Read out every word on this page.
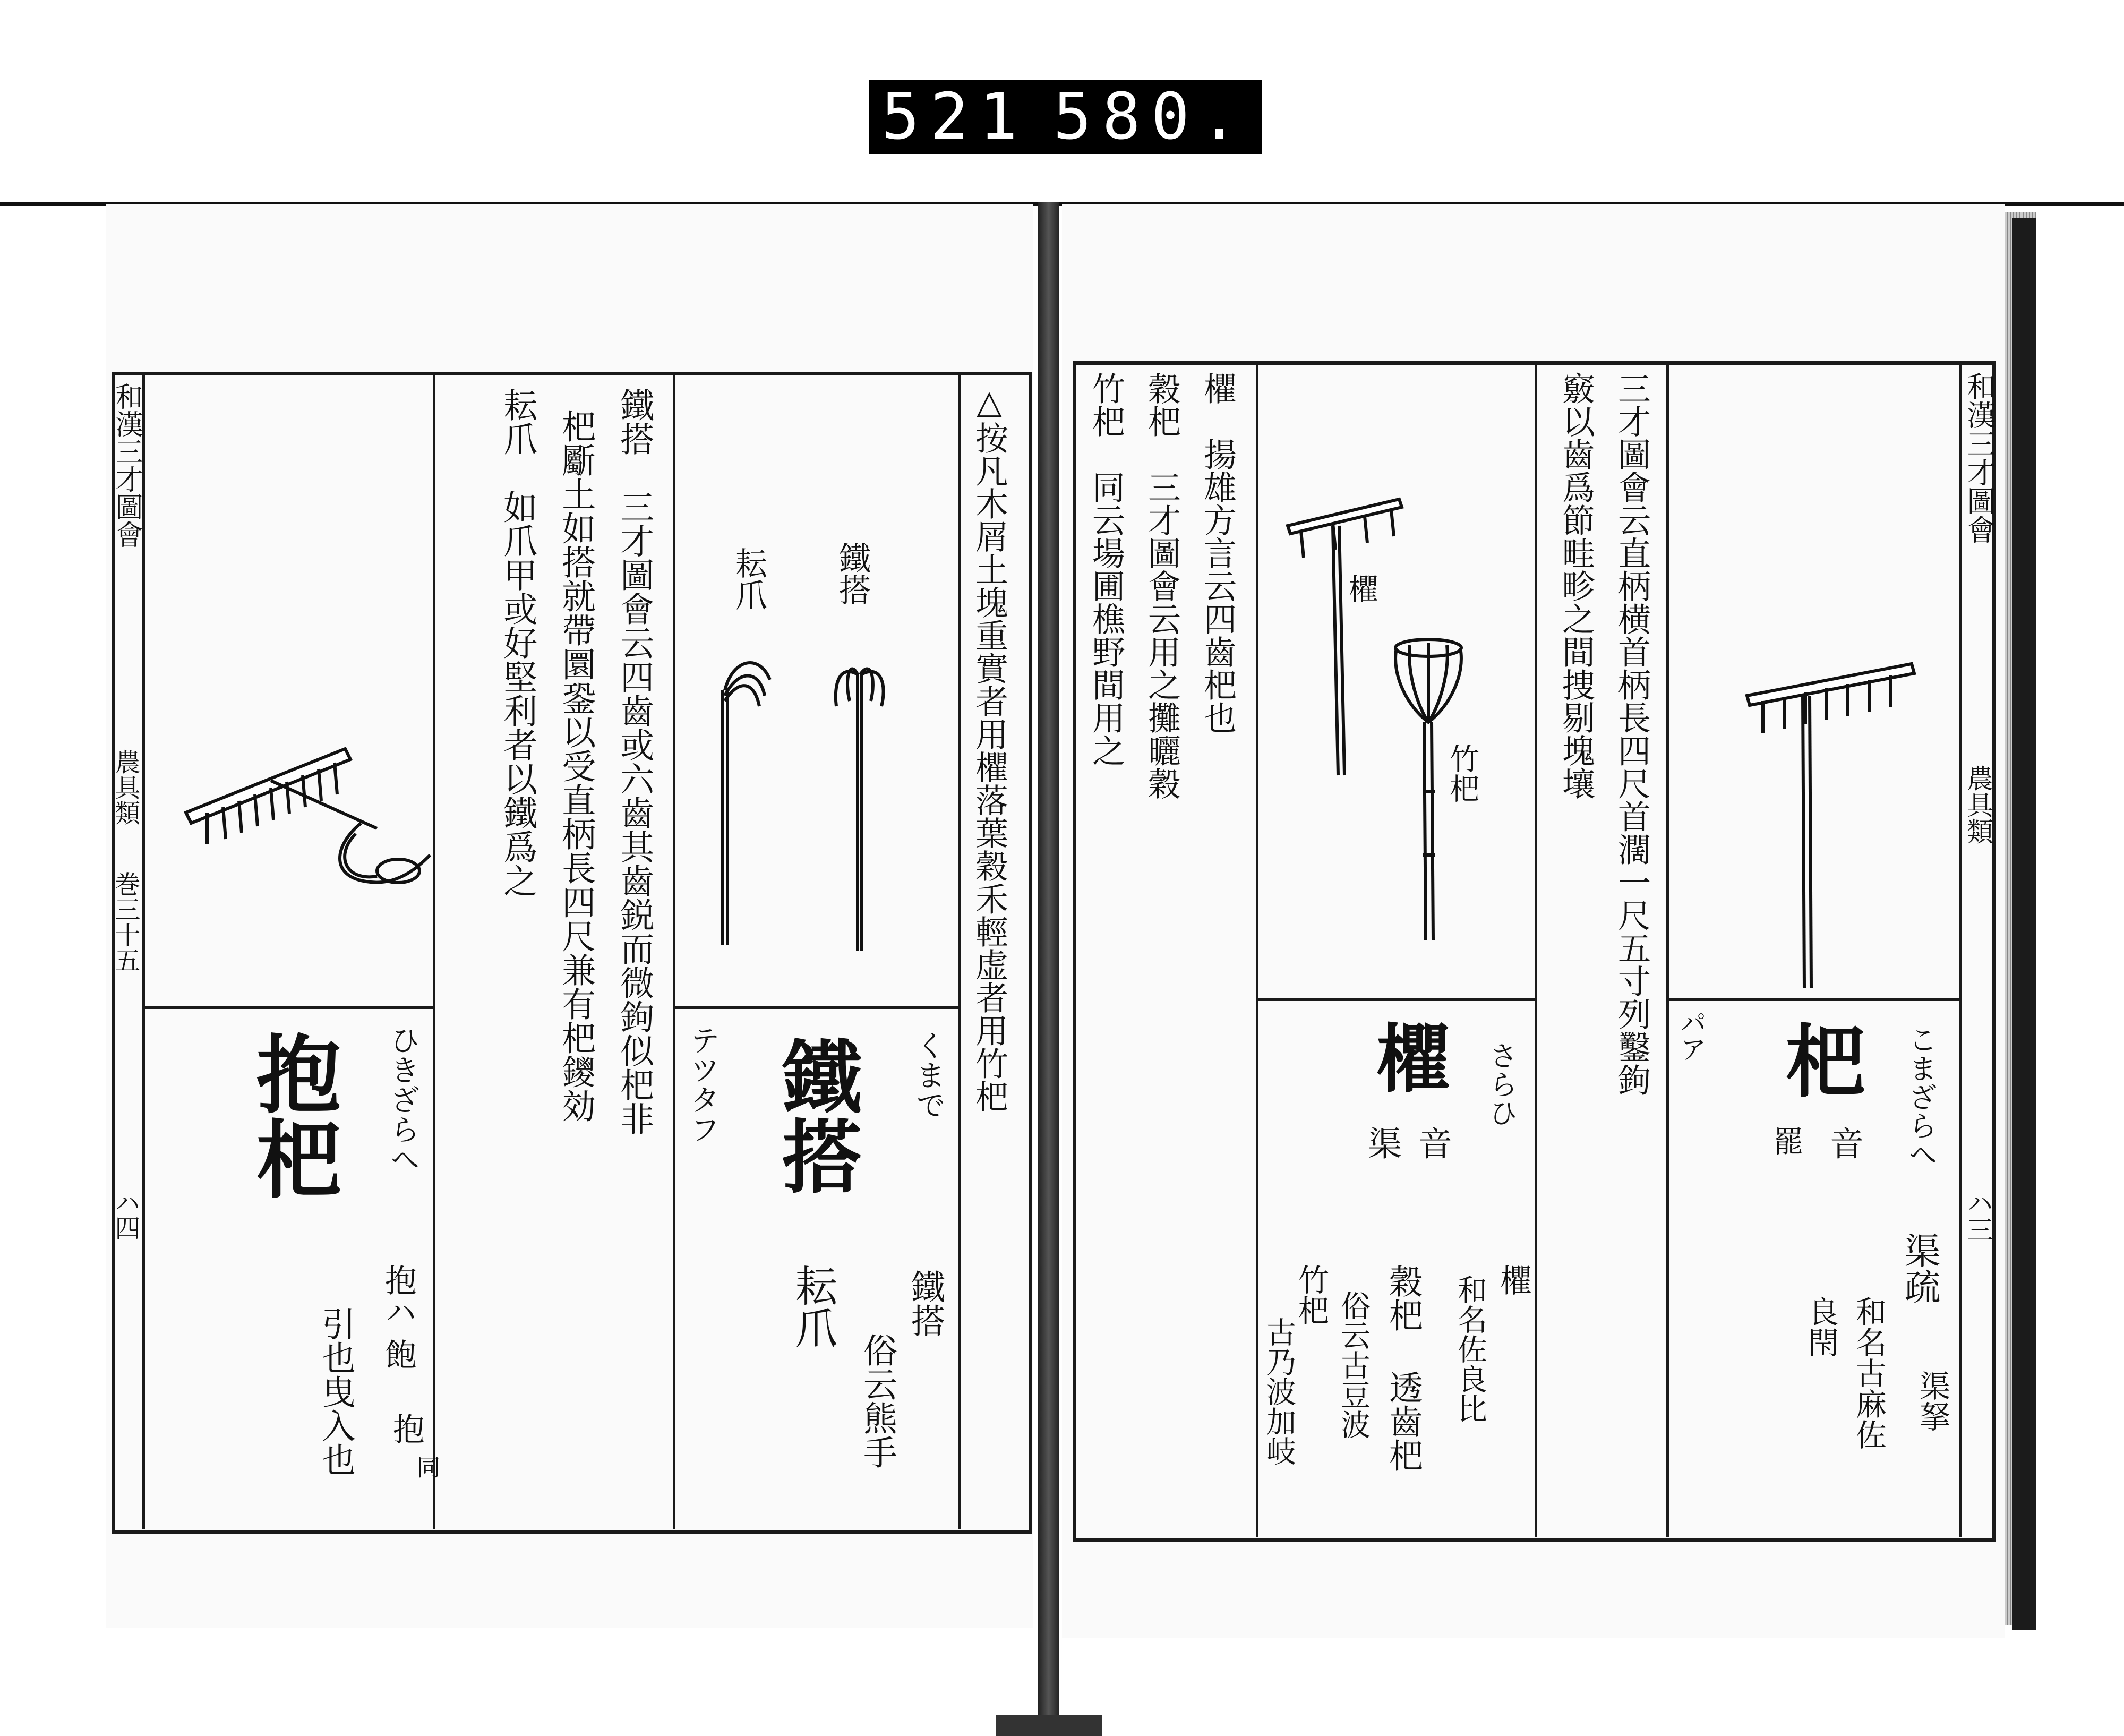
521 580.
和漢三才圖會
農具類
巻三十五
ハ四
ひきざらへ
抱杷
抱ハ
飽
抱
同
引也曳入也
鐵搭　三才圖會云四齒或六齒其齒鋭而微鉤似杷非
杷斸土如搭就帶圜銎以受直柄長四尺兼有杷鑁効
耘爪　如爪甲或好堅利者以鐵爲之	鐵搭
耘爪
テツタフ 鐵搭
耘爪
くまで
鐵搭
俗云熊手
△按凡木屑土塊重實者用欋落葉穀禾輕虚者用竹杷	和漢三才圖會
農具類
ハ三
三才圖會云直柄横首柄長四尺首濶一尺五寸列鑿鉤
竅以齒爲節畦畛之間捜剔塊壤
欋　揚雄方言云四齒杷也
穀杷　三才圖會云用之攤曬穀
竹杷　同云場圃樵野間用之	欋
竹杷
さらひ
欋
音
渠
欋
和名佐良比
穀杷
透齒杷
俗云古豆波
竹杷
古乃波加岐
パア	こまざらへ
杷
音
罷
渠疏
渠拏
和名古麻佐
良閇
